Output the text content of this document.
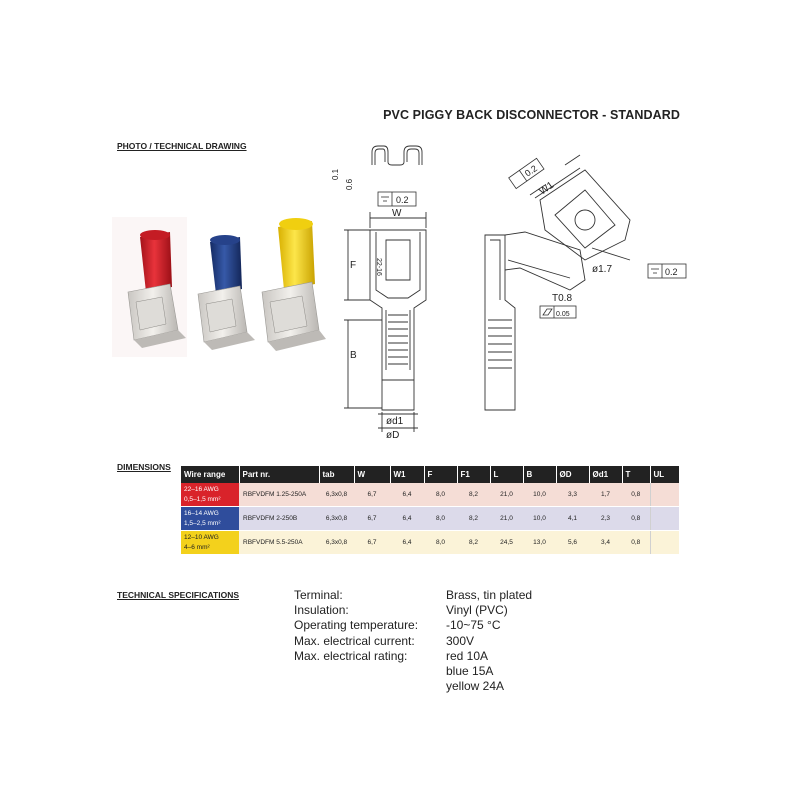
PVC PIGGY BACK DISCONNECTOR - STANDARD
PHOTO / TECHNICAL DRAWING
DIMENSIONS
TECHNICAL SPECIFICATIONS
0.1
0.6
0.2
W
F	22-16
B
ød1
øD
W1
ø1.7	0.2
T0.8
0.05
0.2
Wire range	Part nr.	tab	W	W1	F	F1	L	B	ØD	Ød1	T	UL

22–16 AWG
0,5–1,5 mm²	RBFVDFM 1.25-250A	6,3x0,8	6,7	6,4	8,0	8,2	21,0	10,0	3,3	1,7	0,8	

16–14 AWG
1,5–2,5 mm²	RBFVDFM 2-250B	6,3x0,8	6,7	6,4	8,0	8,2	21,0	10,0	4,1	2,3	0,8	

12–10 AWG
4–6 mm²	RBFVDFM 5.5-250A	6,3x0,8	6,7	6,4	8,0	8,2	24,5	13,0	5,6	3,4	0,8	
Terminal:	Brass, tin plated
Insulation:	Vinyl (PVC)
Operating temperature:	-10~75 °C
Max. electrical current:	300V
Max. electrical rating:	red 10A
blue 15A
yellow 24A
